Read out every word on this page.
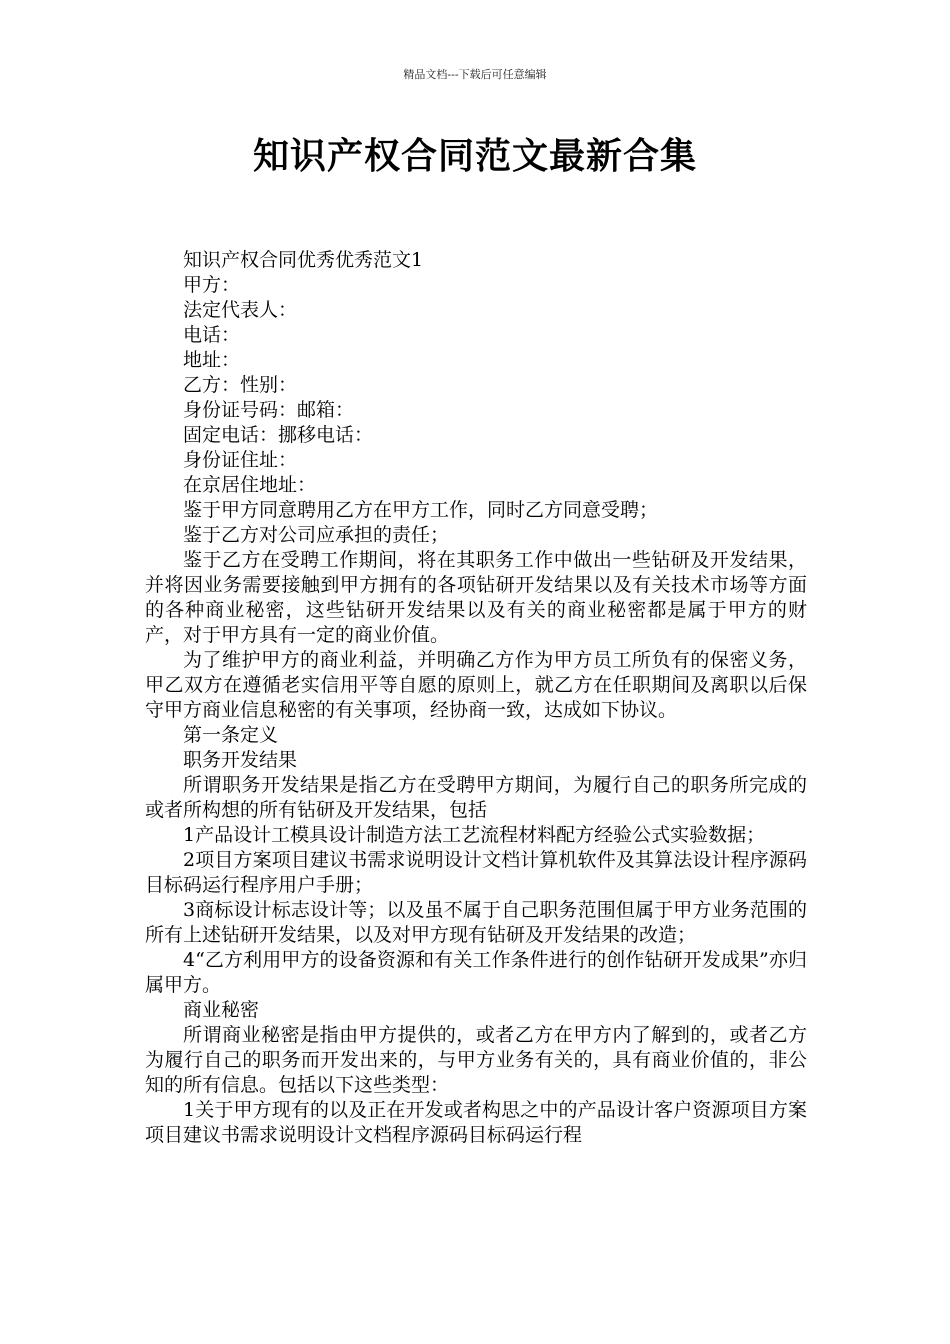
精品文档---下载后可任意编辑
知识产权合同范文最新合集

知识产权合同优秀优秀范文1

甲方：

法定代表人：

电话：

地址：

乙方：性别：

身份证号码：邮箱：

固定电话：挪移电话：

身份证住址：

在京居住地址：

鉴于甲方同意聘用乙方在甲方工作，同时乙方同意受聘；

鉴于乙方对公司应承担的责任；

鉴于乙方在受聘工作期间，将在其职务工作中做出一些钻研及开发结果，并将因业务需要接触到甲方拥有的各项钻研开发结果以及有关技术市场等方面的各种商业秘密，这些钻研开发结果以及有关的商业秘密都是属于甲方的财产，对于甲方具有一定的商业价值。

为了维护甲方的商业利益，并明确乙方作为甲方员工所负有的保密义务，甲乙双方在遵循老实信用平等自愿的原则上，就乙方在任职期间及离职以后保守甲方商业信息秘密的有关事项，经协商一致，达成如下协议。

第一条定义

职务开发结果

所谓职务开发结果是指乙方在受聘甲方期间，为履行自己的职务所完成的或者所构想的所有钻研及开发结果，包括

1产品设计工模具设计制造方法工艺流程材料配方经验公式实验数据；

2项目方案项目建议书需求说明设计文档计算机软件及其算法设计程序源码目标码运行程序用户手册；

3商标设计标志设计等；以及虽不属于自己职务范围但属于甲方业务范围的所有上述钻研开发结果，以及对甲方现有钻研及开发结果的改造；

4“乙方利用甲方的设备资源和有关工作条件进行的创作钻研开发成果”亦归属甲方。

商业秘密

所谓商业秘密是指由甲方提供的，或者乙方在甲方内了解到的，或者乙方为履行自己的职务而开发出来的，与甲方业务有关的，具有商业价值的，非公知的所有信息。包括以下这些类型：

1关于甲方现有的以及正在开发或者构思之中的产品设计客户资源项目方案项目建议书需求说明设计文档程序源码目标码运行程
